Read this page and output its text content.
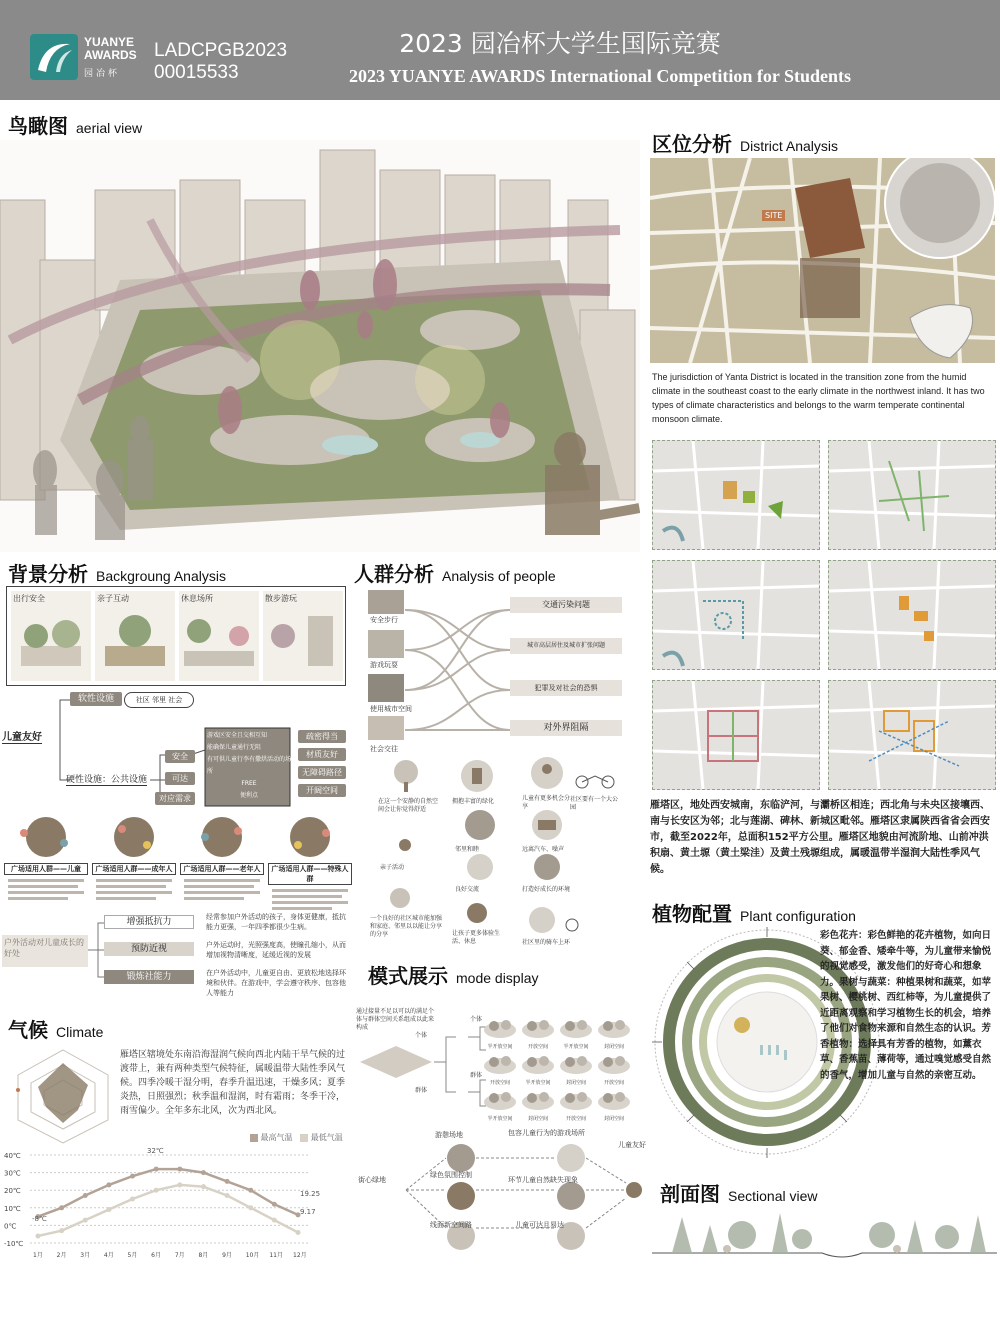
YUANYE
AWARDS
园冶杯
LADCPGB2023
00015533
2023 园冶杯大学生国际竞赛
2023 YUANYE AWARDS International Competition for Students
鸟瞰图 aerial view
区位分析 District Analysis
SITE
The jurisdiction of Yanta District is located in the transition zone from the humid climate in the southeast coast to the early climate in the northwest inland. It has two types of climate characteristics and belongs to the warm temperate continental monsoon climate.
雁塔区，地处西安城南，东临浐河，与灞桥区相连；西北角与未央区接壤西、南与长安区为邻；北与莲湖、碑林、新城区毗邻。雁塔区隶属陕西省省会西安市，截至2022年，总面积152平方公里。雁塔区地貌由河流阶地、山前冲洪积扇、黄土塬（黄土梁洼）及黄土残塬组成，属暖温带半湿润大陆性季风气候。
背景分析 Backgroung Analysis
出行安全	亲子互动	休息场所	散步游玩
儿童友好
软性设施	社区 邻里 社会
硬性设施：公共设施
安全
可达
对应需求
游戏区安全且交相互知
能确保儿童通行无阻
有可供儿童行李有撒烘活动的场所
FREE
便利点
疏密得当
材质友好
无障碍路径
开阔空间
广场适用人群——儿童	广场适用人群——成年人	广场适用人群——老年人	广场适用人群——特殊人群
户外活动对儿童成长的好处
增强抵抗力	经常参加户外活动的孩子，身体更健康，抵抗能力更强，一年四季都很少生病。
预防近视	户外运动时，光照强度高，使瞳孔缩小，从而增加视物清晰度，延缓近视的发展
锻炼社能力	在户外活动中，儿童更自由、更放松地选择环境和伙伴。在游戏中，学会遵守秩序、包容他人等能力
气候 Climate
雁塔区辖境处东南沿海湿润气候向西北内陆干旱气候的过渡带上，兼有两种类型气候特征，属暖温带大陆性季风气候。四季冷暖干湿分明，春季升温迅速，干燥多风；夏季炎热，日照强烈；秋季温和湿润，时有霜雨；冬季干冷，雨雪偏少。全年多东北风，次为西北风。
最高气温 最低气温
40℃
30℃
20℃
10℃
0℃
-10℃
1月 2月 3月 4月 5月 6月 7月 8月 9月 10月 11月 12月
32℃
19.25
9.17
-8℃
人群分析 Analysis of people
安全步行
游戏玩耍
使用城市空间
社会交往
交通污染问题
城市高层居住及城市扩张问题
犯罪及对社会的恐惧
对外界阻隔
在这一个安静的自然空间会让你觉得舒适
拥抱丰富的绿化	儿童有更多机会分享
社区要有一个大公园
邻里和睦	远离汽车、噪声
亲子活动
良好交流	打造好成长的环境
一个良好的社区城市能加强和家庭、邻里以以能让分享的分享	让孩子更多体验生活、休息	社区里的骑车上环
模式展示 mode display
通过接量不足以可以的满足个体与群体空间关系组成以此来构成
个体
群体
个体
群体
半开放空间	开放空间	半开放空间	封闭空间
开放空间	半开放空间	封闭空间	开放空间
半开放空间	封闭空间	开放空间	封闭空间
游憩场地	包容儿童行为的游戏场所
儿童友好
街心绿地
绿色氛围控制
环节儿童自然缺失现象
线面新空间路	儿童可达且易达
植物配置 Plant configuration
彩色花卉：彩色鲜艳的花卉植物，如向日葵、郁金香、矮牵牛等，为儿童带来愉悦的视觉感受，激发他们的好奇心和想象力。果树与蔬菜：种植果树和蔬菜，如苹果树、樱桃树、西红柿等，为儿童提供了近距离观察和学习植物生长的机会，培养了他们对食物来源和自然生态的认识。芳香植物：选择具有芳香的植物，如薰衣草、香蕉苗、薄荷等，通过嗅觉感受自然的香气，增加儿童与自然的亲密互动。
剖面图 Sectional view
